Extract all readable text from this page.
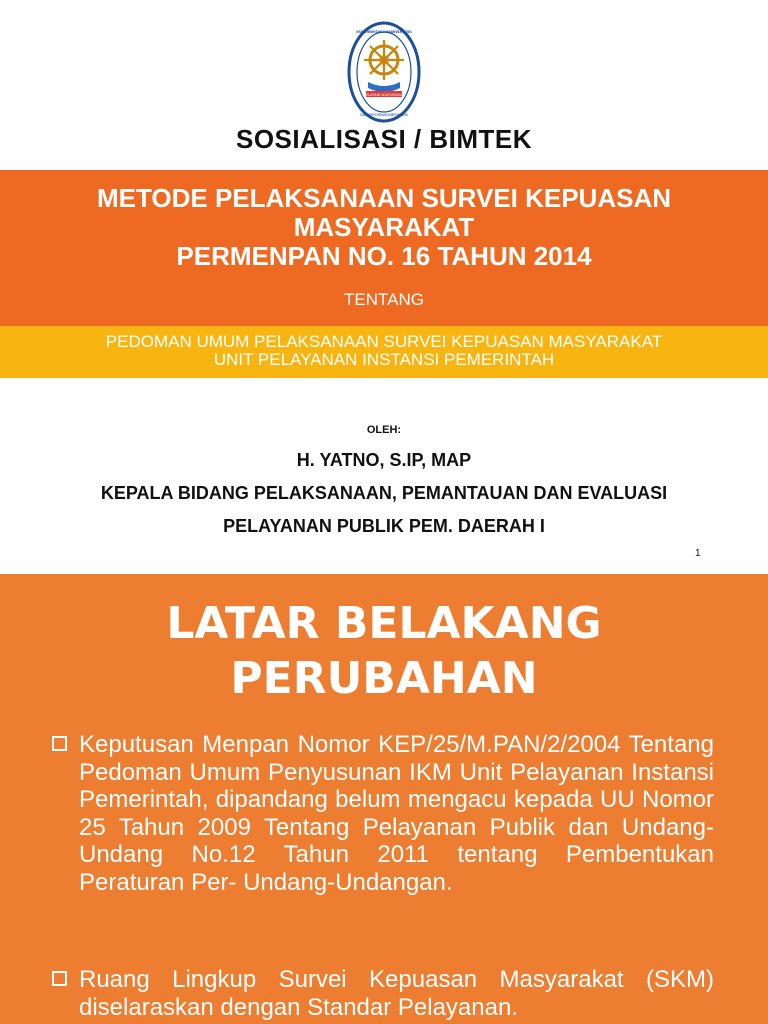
MELAYANI MASYARAKAT
KEMENTERIAN PENDAYAGUNAAN APARATUR NEGARA
DAN REFORMASI BIROKRASI
SOSIALISASI / BIMTEK
METODE PELAKSANAAN SURVEI KEPUASAN
MASYARAKAT
PERMENPAN NO. 16 TAHUN 2014
TENTANG
PEDOMAN UMUM PELAKSANAAN SURVEI KEPUASAN MASYARAKAT
UNIT PELAYANAN INSTANSI PEMERINTAH
OLEH:
H. YATNO, S.IP, MAP
KEPALA BIDANG PELAKSANAAN, PEMANTAUAN DAN EVALUASI
PELAYANAN PUBLIK PEM. DAERAH I
1
LATAR BELAKANG
PERUBAHAN
Keputusan Menpan Nomor KEP/25/M.PAN/2/2004 Tentang Pedoman Umum Penyusunan IKM Unit Pelayanan Instansi Pemerintah, dipandang belum mengacu kepada UU Nomor 25 Tahun 2009 Tentang Pelayanan Publik dan Undang-Undang No.12 Tahun 2011 tentang Pembentukan Peraturan Per- Undang-Undangan.
Ruang Lingkup Survei Kepuasan Masyarakat (SKM) diselaraskan dengan Standar Pelayanan.
